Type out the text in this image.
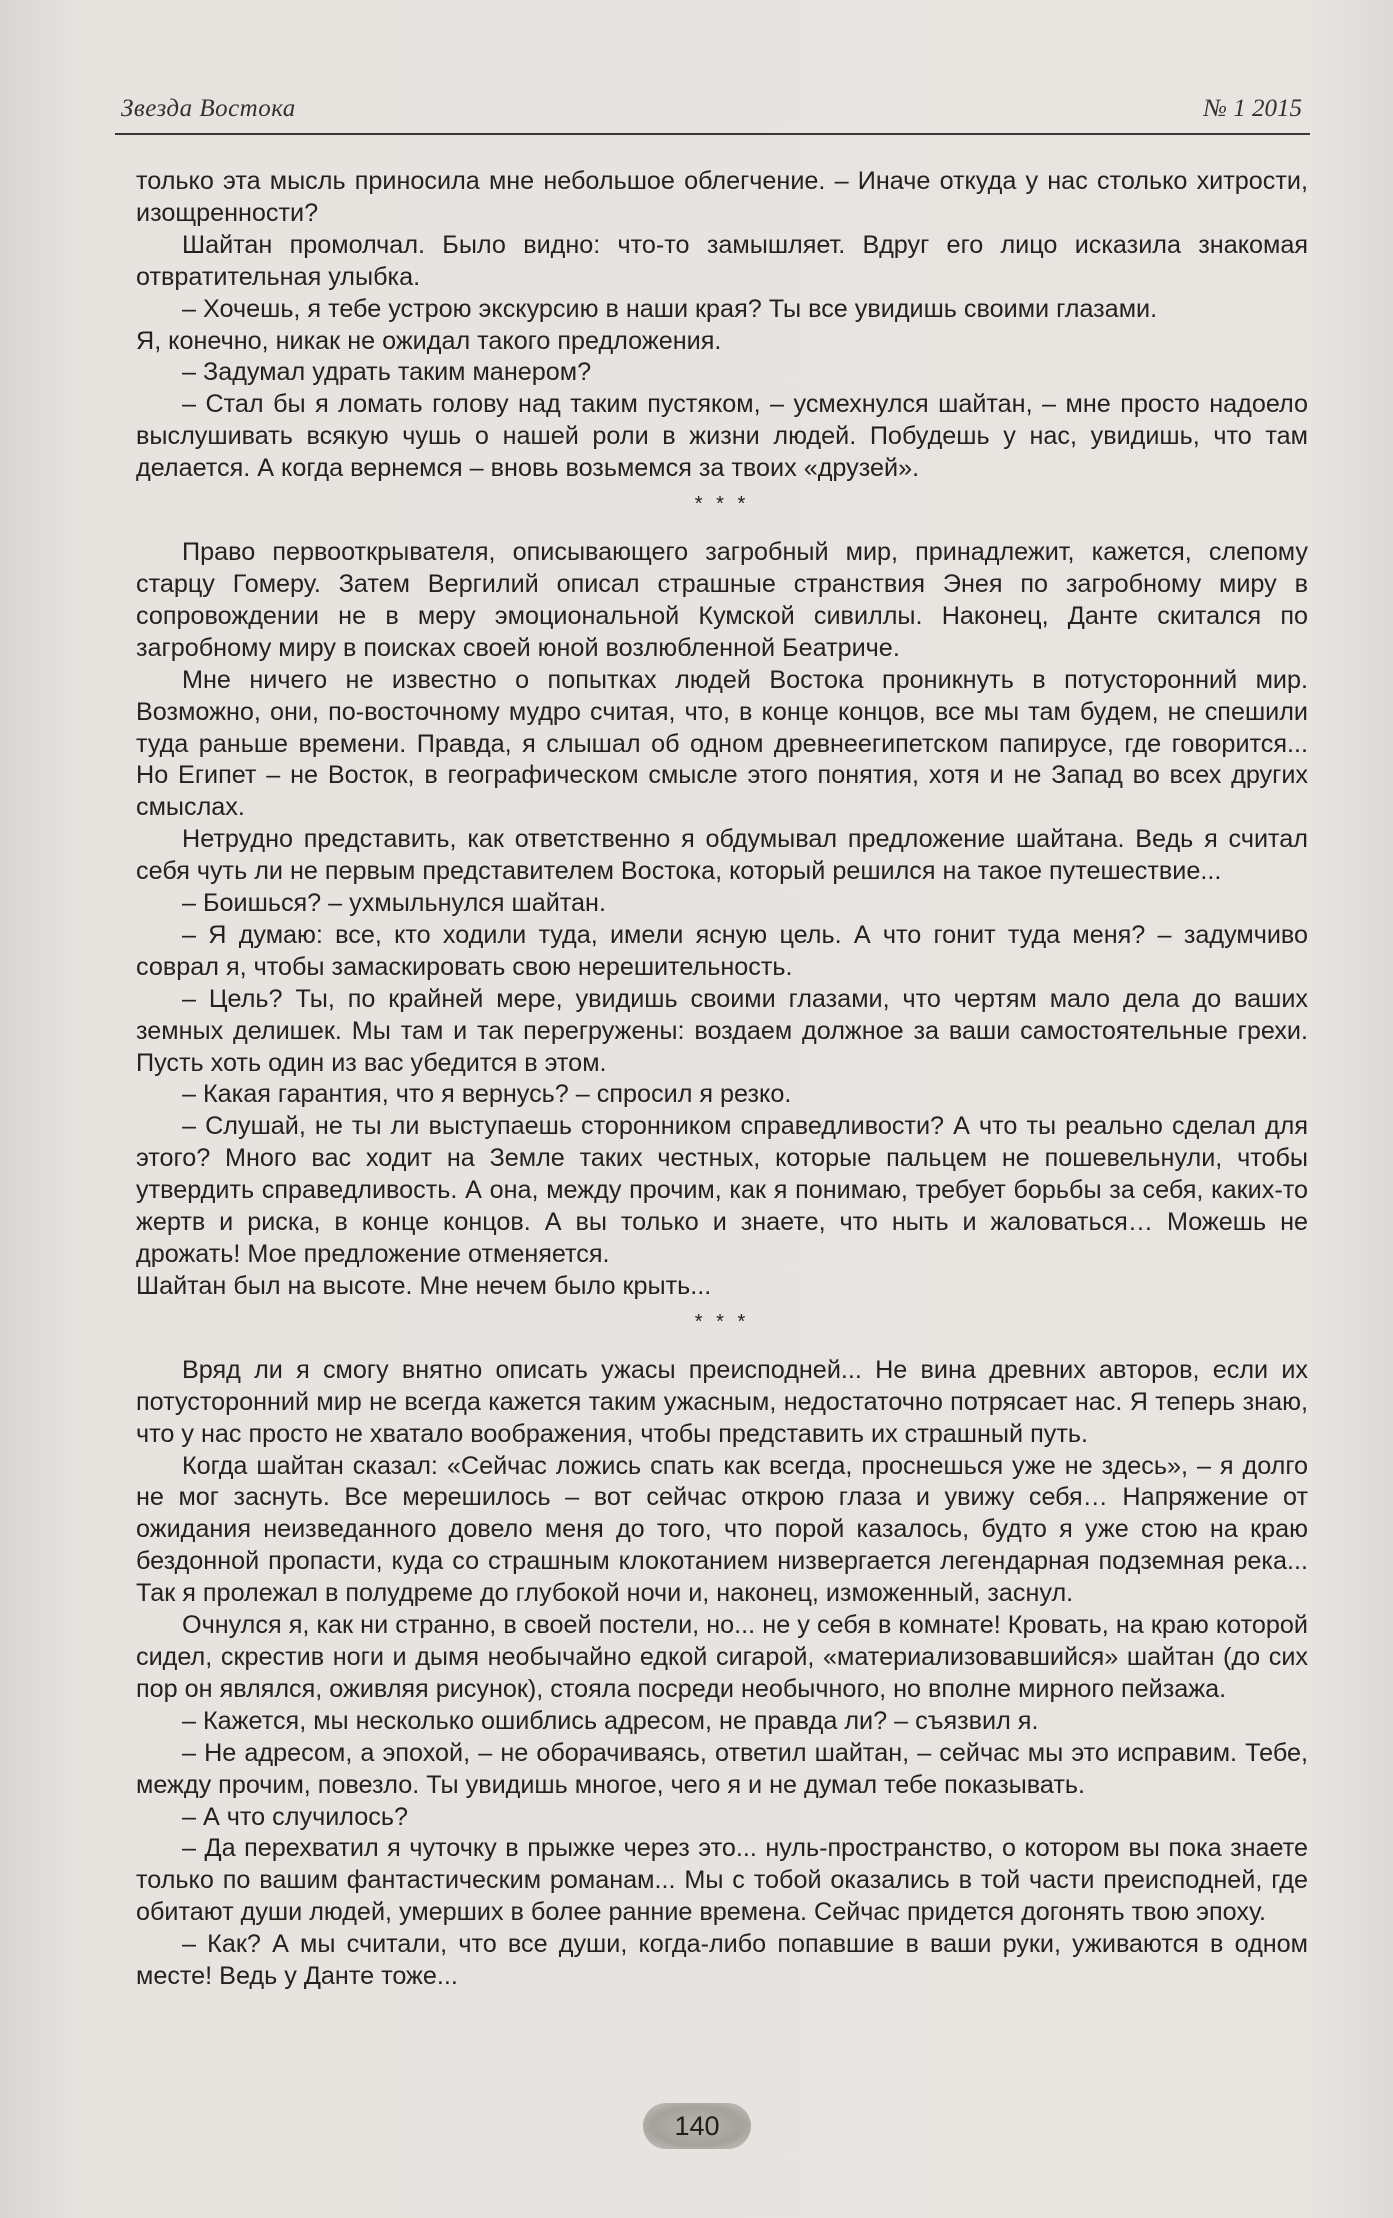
Звезда Востока	№ 1 2015

только эта мысль приносила мне небольшое облегчение. – Иначе откуда у нас столько хитрости, изощренности?

Шайтан промолчал. Было видно: что-то замышляет. Вдруг его лицо исказила знакомая отвратительная улыбка.

– Хочешь, я тебе устрою экскурсию в наши края? Ты все увидишь своими глазами.

Я, конечно, никак не ожидал такого предложения.

– Задумал удрать таким манером?

– Стал бы я ломать голову над таким пустяком, – усмехнулся шайтан, – мне просто надоело выслушивать всякую чушь о нашей роли в жизни людей. Побудешь у нас, увидишь, что там делается. А когда вернемся – вновь возьмемся за твоих «друзей».

* * *

Право первооткрывателя, описывающего загробный мир, принадлежит, кажется, слепому старцу Гомеру. Затем Вергилий описал страшные странствия Энея по загробному миру в сопровождении не в меру эмоциональной Кумской сивиллы. Наконец, Данте скитался по загробному миру в поисках своей юной возлюбленной Беатриче.

Мне ничего не известно о попытках людей Востока проникнуть в потусторонний мир. Возможно, они, по-восточному мудро считая, что, в конце концов, все мы там будем, не спешили туда раньше времени. Правда, я слышал об одном древнеегипетском папирусе, где говорится... Но Египет – не Восток, в географическом смысле этого понятия, хотя и не Запад во всех других смыслах.

Нетрудно представить, как ответственно я обдумывал предложение шайтана. Ведь я считал себя чуть ли не первым представителем Востока, который решился на такое путешествие...

– Боишься? – ухмыльнулся шайтан.

– Я думаю: все, кто ходили туда, имели ясную цель. А что гонит туда меня? – задумчиво соврал я, чтобы замаскировать свою нерешительность.

– Цель? Ты, по крайней мере, увидишь своими глазами, что чертям мало дела до ваших земных делишек. Мы там и так перегружены: воздаем должное за ваши самостоятельные грехи. Пусть хоть один из вас убедится в этом.

– Какая гарантия, что я вернусь? – спросил я резко.

– Слушай, не ты ли выступаешь сторонником справедливости? А что ты реально сделал для этого? Много вас ходит на Земле таких честных, которые пальцем не пошевельнули, чтобы утвердить справедливость. А она, между прочим, как я понимаю, требует борьбы за себя, каких-то жертв и риска, в конце концов. А вы только и знаете, что ныть и жаловаться… Можешь не дрожать! Мое предложение отменяется.

Шайтан был на высоте. Мне нечем было крыть...

* * *

Вряд ли я смогу внятно описать ужасы преисподней... Не вина древних авторов, если их потусторонний мир не всегда кажется таким ужасным, недостаточно потрясает нас. Я теперь знаю, что у нас просто не хватало воображения, чтобы представить их страшный путь.

Когда шайтан сказал: «Сейчас ложись спать как всегда, проснешься уже не здесь», – я долго не мог заснуть. Все мерешилось – вот сейчас открою глаза и увижу себя… Напряжение от ожидания неизведанного довело меня до того, что порой казалось, будто я уже стою на краю бездонной пропасти, куда со страшным клокотанием низвергается легендарная подземная река... Так я пролежал в полудреме до глубокой ночи и, наконец, изможенный, заснул.

Очнулся я, как ни странно, в своей постели, но... не у себя в комнате! Кровать, на краю которой сидел, скрестив ноги и дымя необычайно едкой сигарой, «материализовавшийся» шайтан (до сих пор он являлся, оживляя рисунок), стояла посреди необычного, но вполне мирного пейзажа.

– Кажется, мы несколько ошиблись адресом, не правда ли? – съязвил я.

– Не адресом, а эпохой, – не оборачиваясь, ответил шайтан, – сейчас мы это исправим. Тебе, между прочим, повезло. Ты увидишь многое, чего я и не думал тебе показывать.

– А что случилось?

– Да перехватил я чуточку в прыжке через это... нуль-пространство, о котором вы пока знаете только по вашим фантастическим романам... Мы с тобой оказались в той части преисподней, где обитают души людей, умерших в более ранние времена. Сейчас придется догонять твою эпоху.

– Как? А мы считали, что все души, когда-либо попавшие в ваши руки, уживаются в одном месте! Ведь у Данте тоже...

140
